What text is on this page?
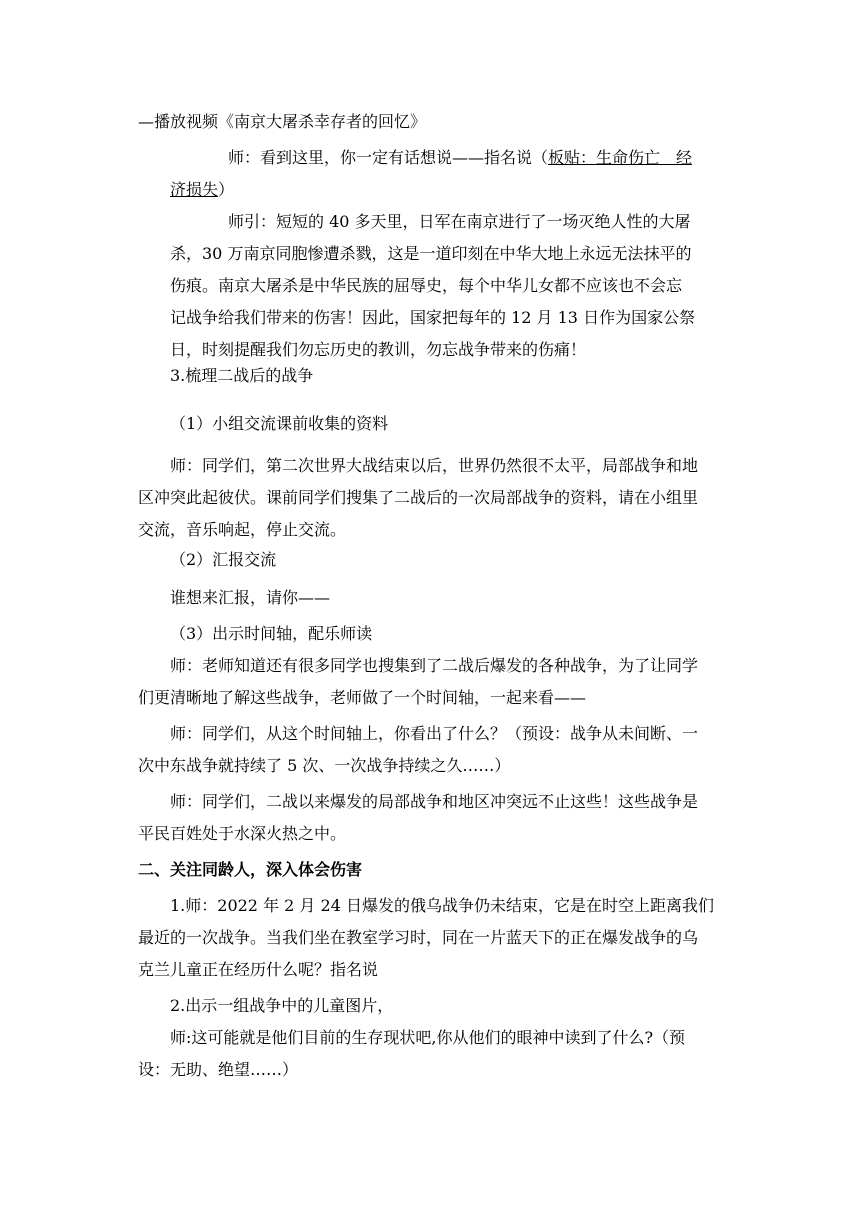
—播放视频《南京大屠杀幸存者的回忆》

师：看到这里，你一定有话想说——指名说（板贴：生命伤亡　经
济损失）

师引：短短的 40 多天里，日军在南京进行了一场灭绝人性的大屠
杀，30 万南京同胞惨遭杀戮，这是一道印刻在中华大地上永远无法抹平的
伤痕。南京大屠杀是中华民族的屈辱史，每个中华儿女都不应该也不会忘
记战争给我们带来的伤害！因此，国家把每年的 12 月 13 日作为国家公祭
日，时刻提醒我们勿忘历史的教训，勿忘战争带来的伤痛！

3.梳理二战后的战争

（1）小组交流课前收集的资料

师：同学们，第二次世界大战结束以后，世界仍然很不太平，局部战争和地
区冲突此起彼伏。课前同学们搜集了二战后的一次局部战争的资料，请在小组里
交流，音乐响起，停止交流。

（2）汇报交流

谁想来汇报，请你——

（3）出示时间轴，配乐师读

师：老师知道还有很多同学也搜集到了二战后爆发的各种战争，为了让同学
们更清晰地了解这些战争，老师做了一个时间轴，一起来看——

师：同学们，从这个时间轴上，你看出了什么？（预设：战争从未间断、一
次中东战争就持续了 5 次、一次战争持续之久……）

师：同学们，二战以来爆发的局部战争和地区冲突远不止这些！这些战争是
平民百姓处于水深火热之中。

二、关注同龄人，深入体会伤害

1.师：2022 年 2 月 24 日爆发的俄乌战争仍未结束，它是在时空上距离我们
最近的一次战争。当我们坐在教室学习时，同在一片蓝天下的正在爆发战争的乌
克兰儿童正在经历什么呢？指名说

2.出示一组战争中的儿童图片，

师:这可能就是他们目前的生存现状吧,你从他们的眼神中读到了什么?（预
设：无助、绝望……）
